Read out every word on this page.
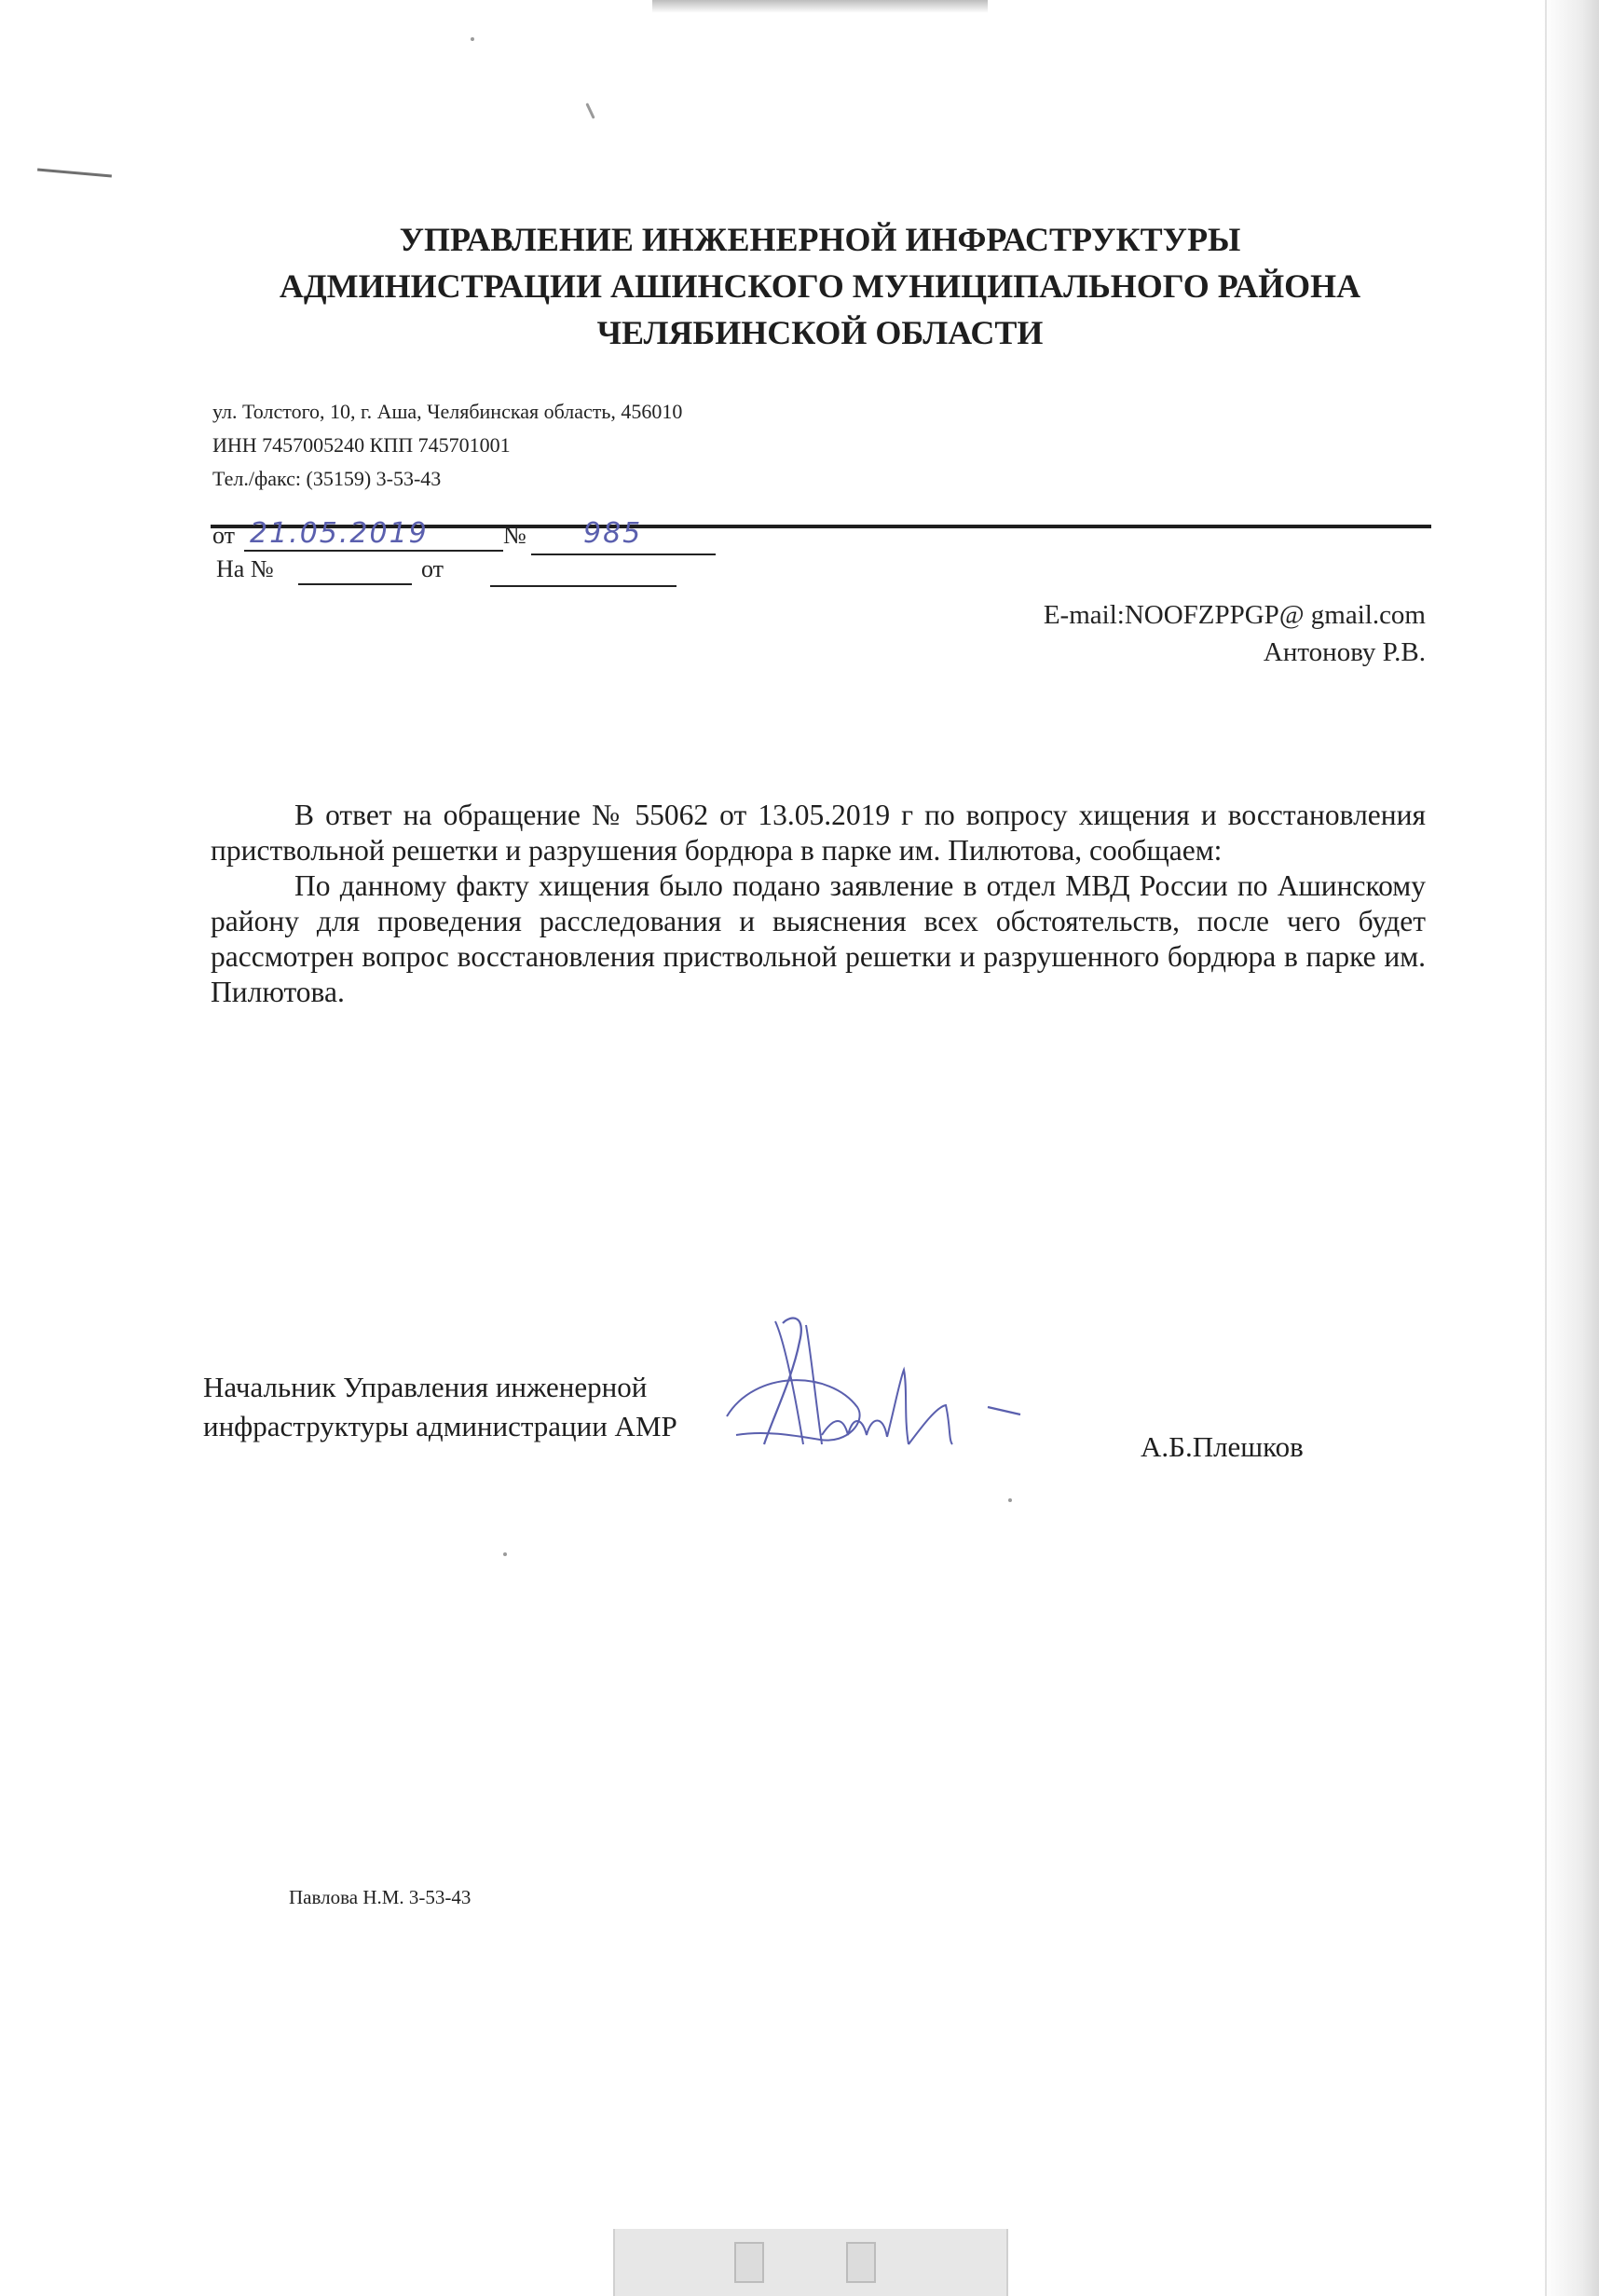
УПРАВЛЕНИЕ ИНЖЕНЕРНОЙ ИНФРАСТРУКТУРЫ
АДМИНИСТРАЦИИ АШИНСКОГО МУНИЦИПАЛЬНОГО РАЙОНА
ЧЕЛЯБИНСКОЙ ОБЛАСТИ
ул. Толстого, 10, г. Аша, Челябинская область, 456010
ИНН 7457005240 КПП 745701001
Тел./факс: (35159) 3-53-43
от 21.05.2019	№ 985
На №	от
E-mail:NOOFZPPGP@ gmail.com
Антонову Р.В.

В ответ на обращение № 55062 от 13.05.2019 г по вопросу хищения и восстановления приствольной решетки и разрушения бордюра в парке им. Пилютова, сообщаем:

По данному факту хищения было подано заявление в отдел МВД России по Ашинскому району для проведения расследования и выяснения всех обстоятельств, после чего будет рассмотрен вопрос восстановления приствольной решетки и разрушенного бордюра в парке им. Пилютова.

Начальник Управления инженерной
инфраструктуры администрации АМР
А.Б.Плешков
Павлова Н.М. 3-53-43
